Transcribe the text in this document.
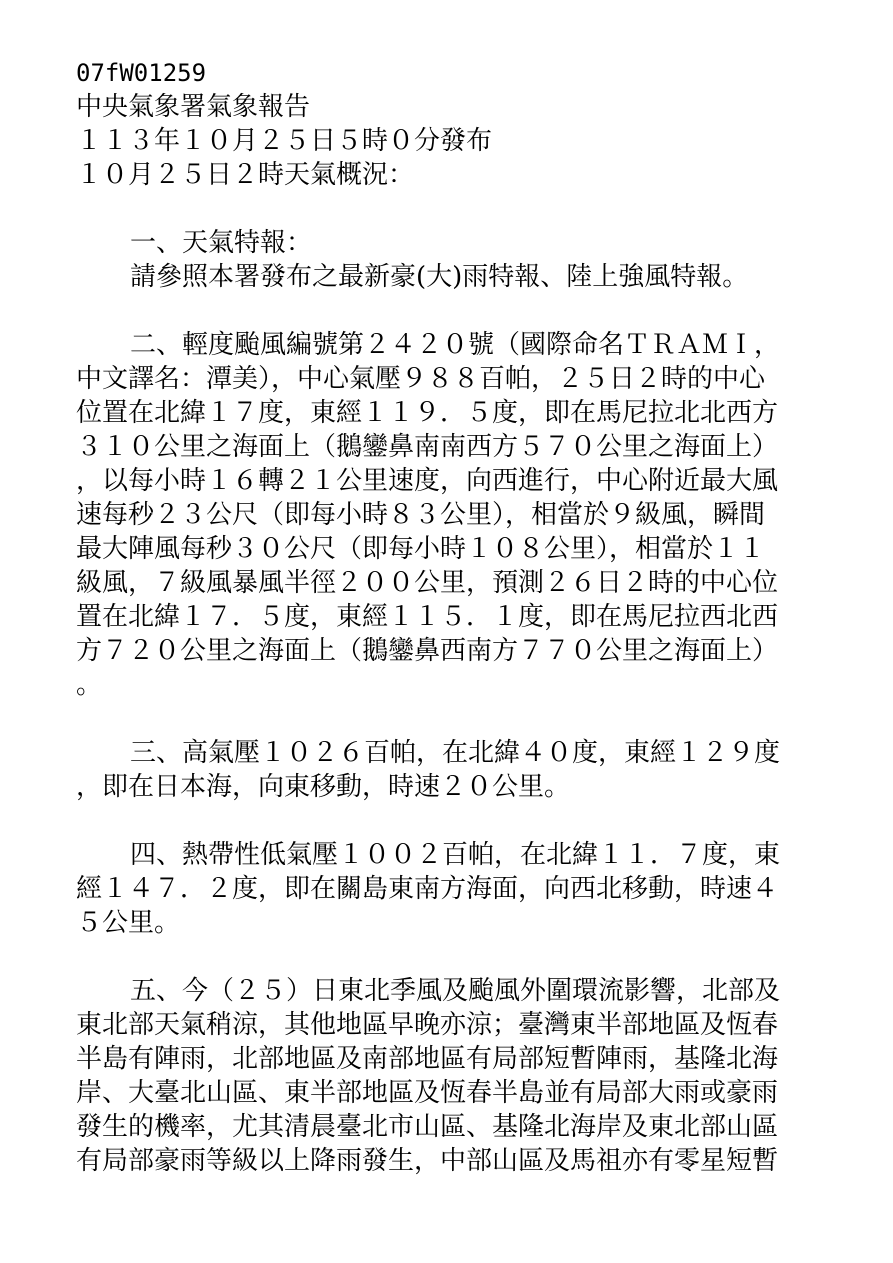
07fW01259
中央氣象署氣象報告
１１３年１０月２５日５時０分發布
１０月２５日２時天氣概況：
一、天氣特報：
請參照本署發布之最新豪(大)雨特報、陸上強風特報。
二、輕度颱風編號第２４２０號（國際命名ＴＲＡＭＩ，
中文譯名：潭美），中心氣壓９８８百帕，２５日２時的中心
位置在北緯１７度，東經１１９．５度，即在馬尼拉北北西方
３１０公里之海面上（鵝鑾鼻南南西方５７０公里之海面上）
，以每小時１６轉２１公里速度，向西進行，中心附近最大風
速每秒２３公尺（即每小時８３公里），相當於９級風，瞬間
最大陣風每秒３０公尺（即每小時１０８公里），相當於１１
級風，７級風暴風半徑２００公里，預測２６日２時的中心位
置在北緯１７．５度，東經１１５．１度，即在馬尼拉西北西
方７２０公里之海面上（鵝鑾鼻西南方７７０公里之海面上）
。
三、高氣壓１０２６百帕，在北緯４０度，東經１２９度
，即在日本海，向東移動，時速２０公里。
四、熱帶性低氣壓１００２百帕，在北緯１１．７度，東
經１４７．２度，即在關島東南方海面，向西北移動，時速４
５公里。
五、今（２５）日東北季風及颱風外圍環流影響，北部及
東北部天氣稍涼，其他地區早晚亦涼；臺灣東半部地區及恆春
半島有陣雨，北部地區及南部地區有局部短暫陣雨，基隆北海
岸、大臺北山區、東半部地區及恆春半島並有局部大雨或豪雨
發生的機率，尤其清晨臺北市山區、基隆北海岸及東北部山區
有局部豪雨等級以上降雨發生，中部山區及馬祖亦有零星短暫
